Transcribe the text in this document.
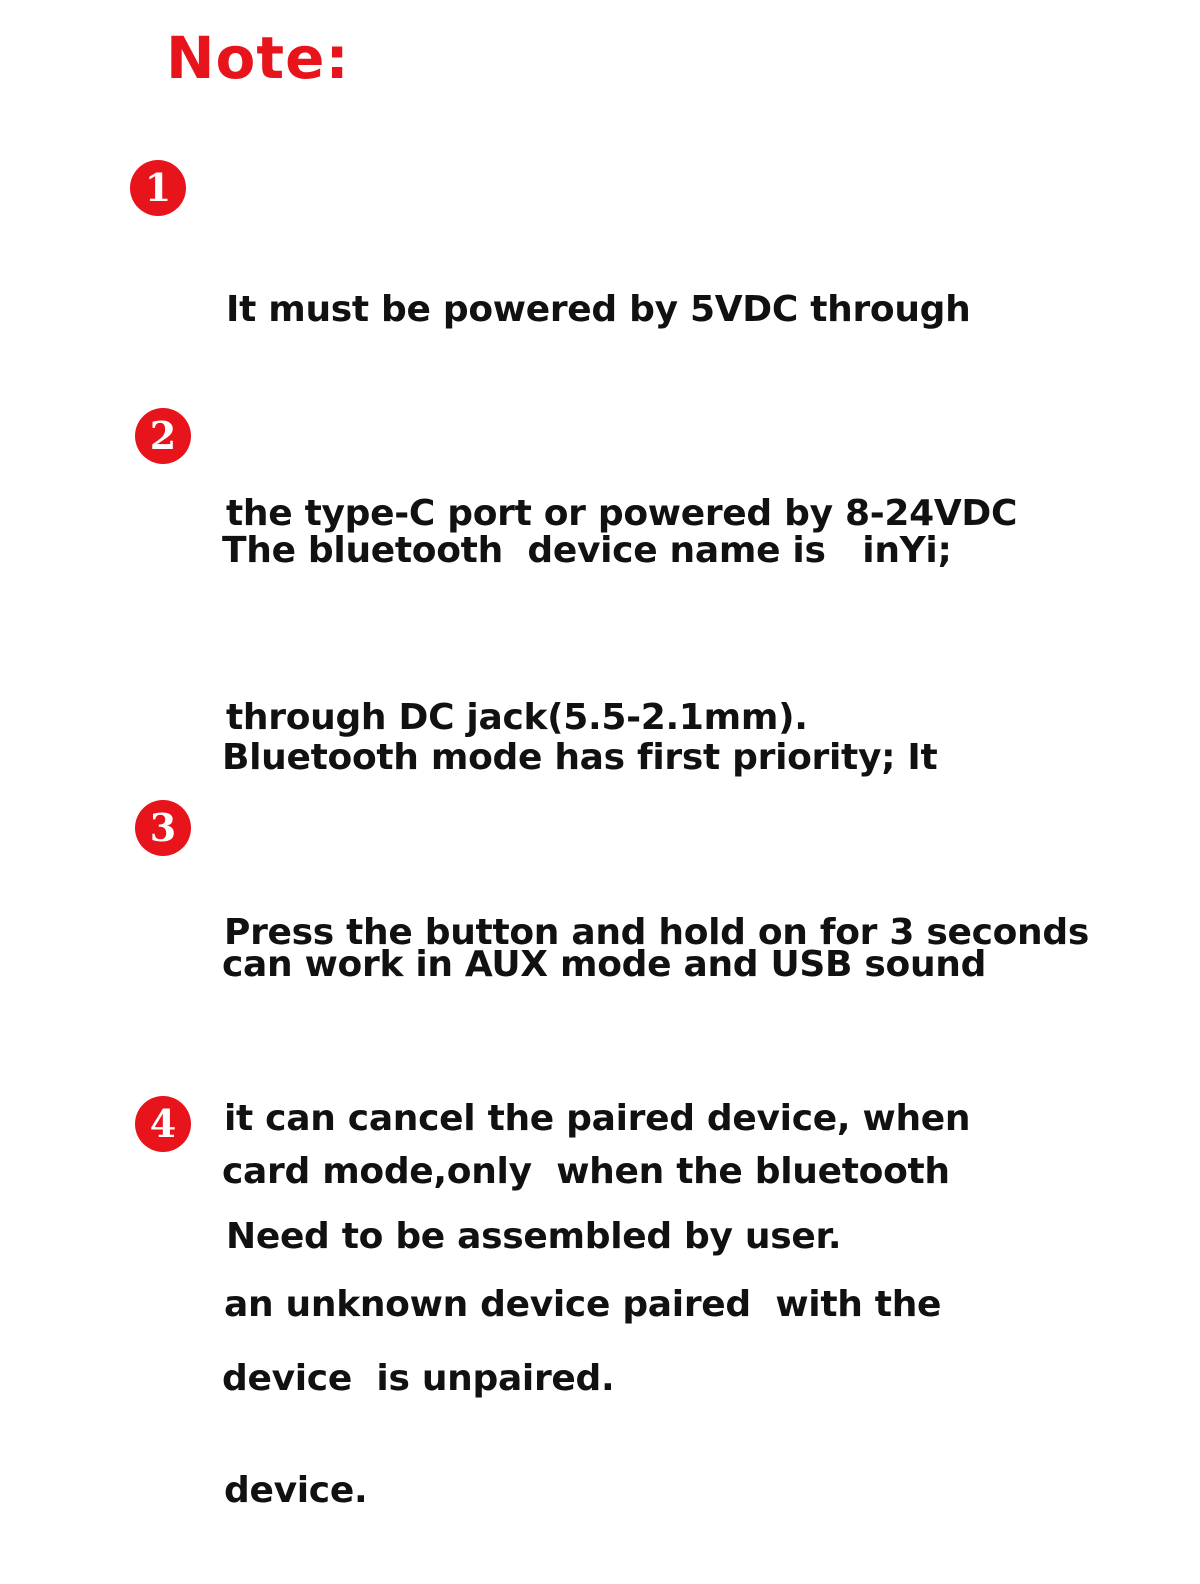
Note:
1

It must be powered by 5VDC through

the type-C port or powered by 8-24VDC

through DC jack(5.5-2.1mm).

2

The bluetooth  device name is   inYi;

Bluetooth mode has first priority; It

can work in AUX mode and USB sound

card mode,only  when the bluetooth

device  is unpaired.

3

Press the button and hold on for 3 seconds

it can cancel the paired device, when

an unknown device paired  with the

device.

4

Need to be assembled by user.
